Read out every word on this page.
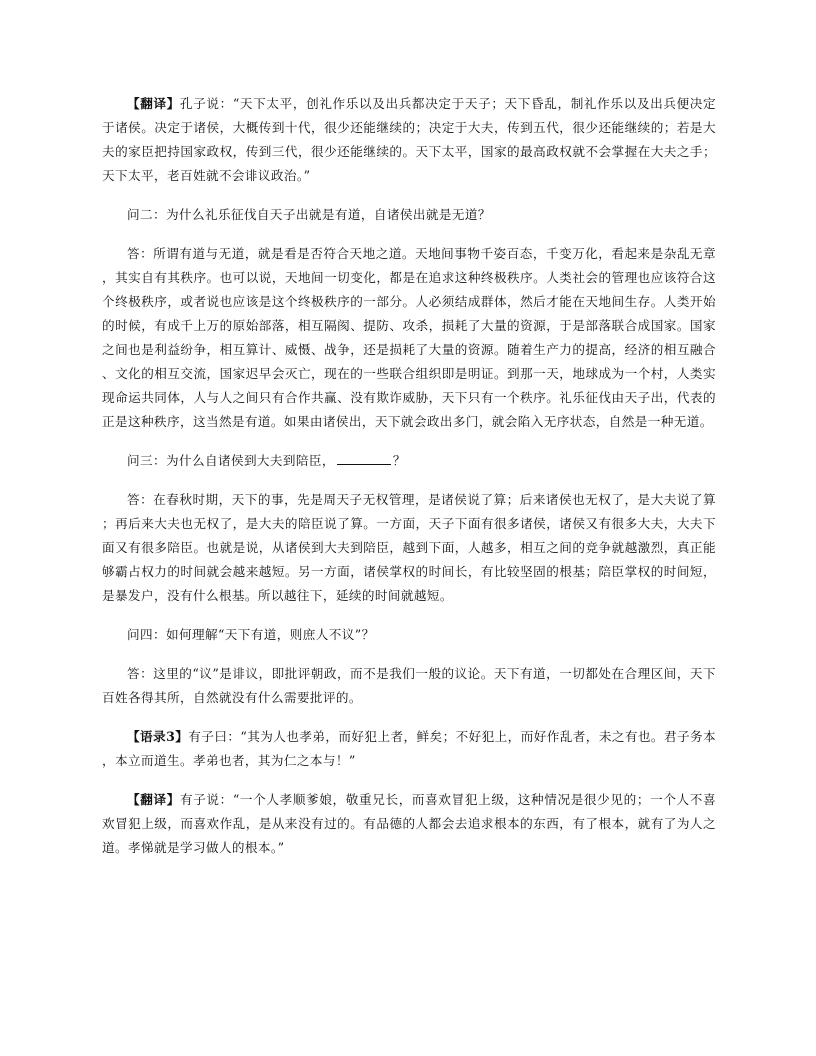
【翻译】孔子说：“天下太平，创礼作乐以及出兵都决定于天子；天下昏乱，制礼作乐以及出兵便决定于诸侯。决定于诸侯，大概传到十代，很少还能继续的；决定于大夫，传到五代，很少还能继续的；若是大夫的家臣把持国家政权，传到三代，很少还能继续的。天下太平，国家的最高政权就不会掌握在大夫之手；天下太平，老百姓就不会诽议政治。”

问二：为什么礼乐征伐自天子出就是有道，自诸侯出就是无道？

答：所谓有道与无道，就是看是否符合天地之道。天地间事物千姿百态，千变万化，看起来是杂乱无章，其实自有其秩序。也可以说，天地间一切变化，都是在追求这种终极秩序。人类社会的管理也应该符合这个终极秩序，或者说也应该是这个终极秩序的一部分。人必须结成群体，然后才能在天地间生存。人类开始的时候，有成千上万的原始部落，相互隔阂、提防、攻杀，损耗了大量的资源，于是部落联合成国家。国家之间也是利益纷争，相互算计、威慑、战争，还是损耗了大量的资源。随着生产力的提高，经济的相互融合、文化的相互交流，国家迟早会灭亡，现在的一些联合组织即是明证。到那一天，地球成为一个村，人类实现命运共同体，人与人之间只有合作共赢、没有欺诈威胁，天下只有一个秩序。礼乐征伐由天子出，代表的正是这种秩序，这当然是有道。如果由诸侯出，天下就会政出多门，就会陷入无序状态，自然是一种无道。

问三：为什么自诸侯到大夫到陪臣，	？

答：在春秋时期，天下的事，先是周天子无权管理，是诸侯说了算；后来诸侯也无权了，是大夫说了算；再后来大夫也无权了，是大夫的陪臣说了算。一方面，天子下面有很多诸侯，诸侯又有很多大夫，大夫下面又有很多陪臣。也就是说，从诸侯到大夫到陪臣，越到下面，人越多，相互之间的竞争就越激烈，真正能够霸占权力的时间就会越来越短。另一方面，诸侯掌权的时间长，有比较坚固的根基；陪臣掌权的时间短，是暴发户，没有什么根基。所以越往下，延续的时间就越短。

问四：如何理解“天下有道，则庶人不议”？

答：这里的“议”是诽议，即批评朝政，而不是我们一般的议论。天下有道，一切都处在合理区间，天下百姓各得其所，自然就没有什么需要批评的。

【语录3】有子曰：“其为人也孝弟，而好犯上者，鲜矣；不好犯上，而好作乱者，未之有也。君子务本，本立而道生。孝弟也者，其为仁之本与！”

【翻译】有子说：“一个人孝顺爹娘，敬重兄长，而喜欢冒犯上级，这种情况是很少见的；一个人不喜欢冒犯上级，而喜欢作乱，是从来没有过的。有品德的人都会去追求根本的东西，有了根本，就有了为人之道。孝悌就是学习做人的根本。”
